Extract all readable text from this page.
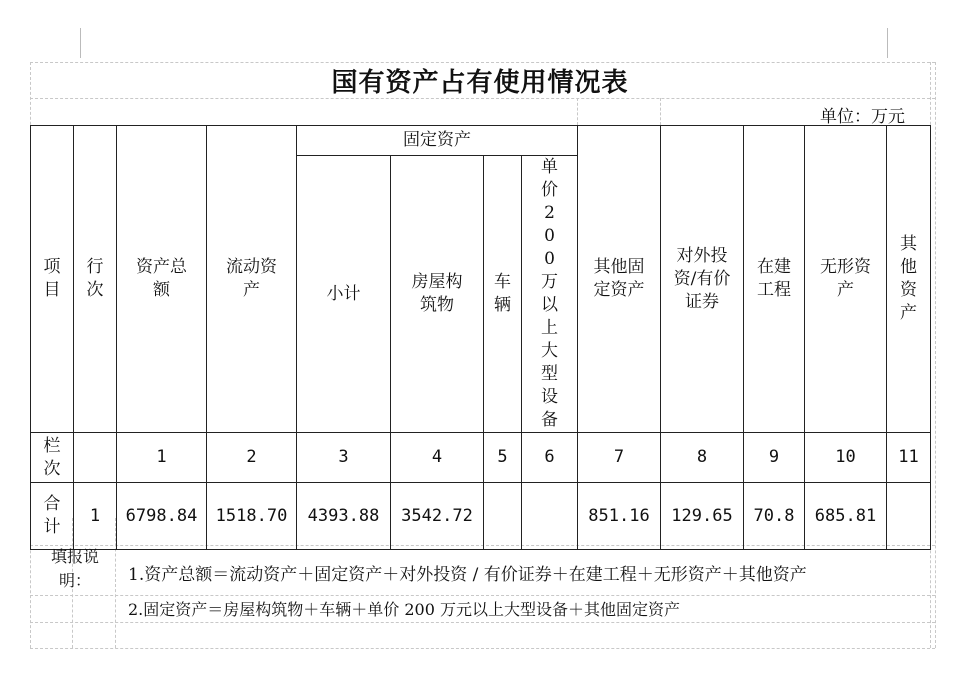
国有资产占有使用情况表
单位：万元
项目	行次	资产总额	流动资产	固定资产				其他固定资产	对外投资/有价证券	在建工程	无形资产	其他资产

				小计	房屋构筑物	车辆	单价200万以上大型设备					

栏次		1	2	3	4	5	6	7	8	9	10	11

合计	1	6798.84	1518.70	4393.88	3542.72			851.16	129.65	70.8	685.81	
填报说明：	1.资产总额＝流动资产＋固定资产＋对外投资 / 有价证券＋在建工程＋无形资产＋其他资产
2.固定资产＝房屋构筑物＋车辆＋单价 200 万元以上大型设备＋其他固定资产
